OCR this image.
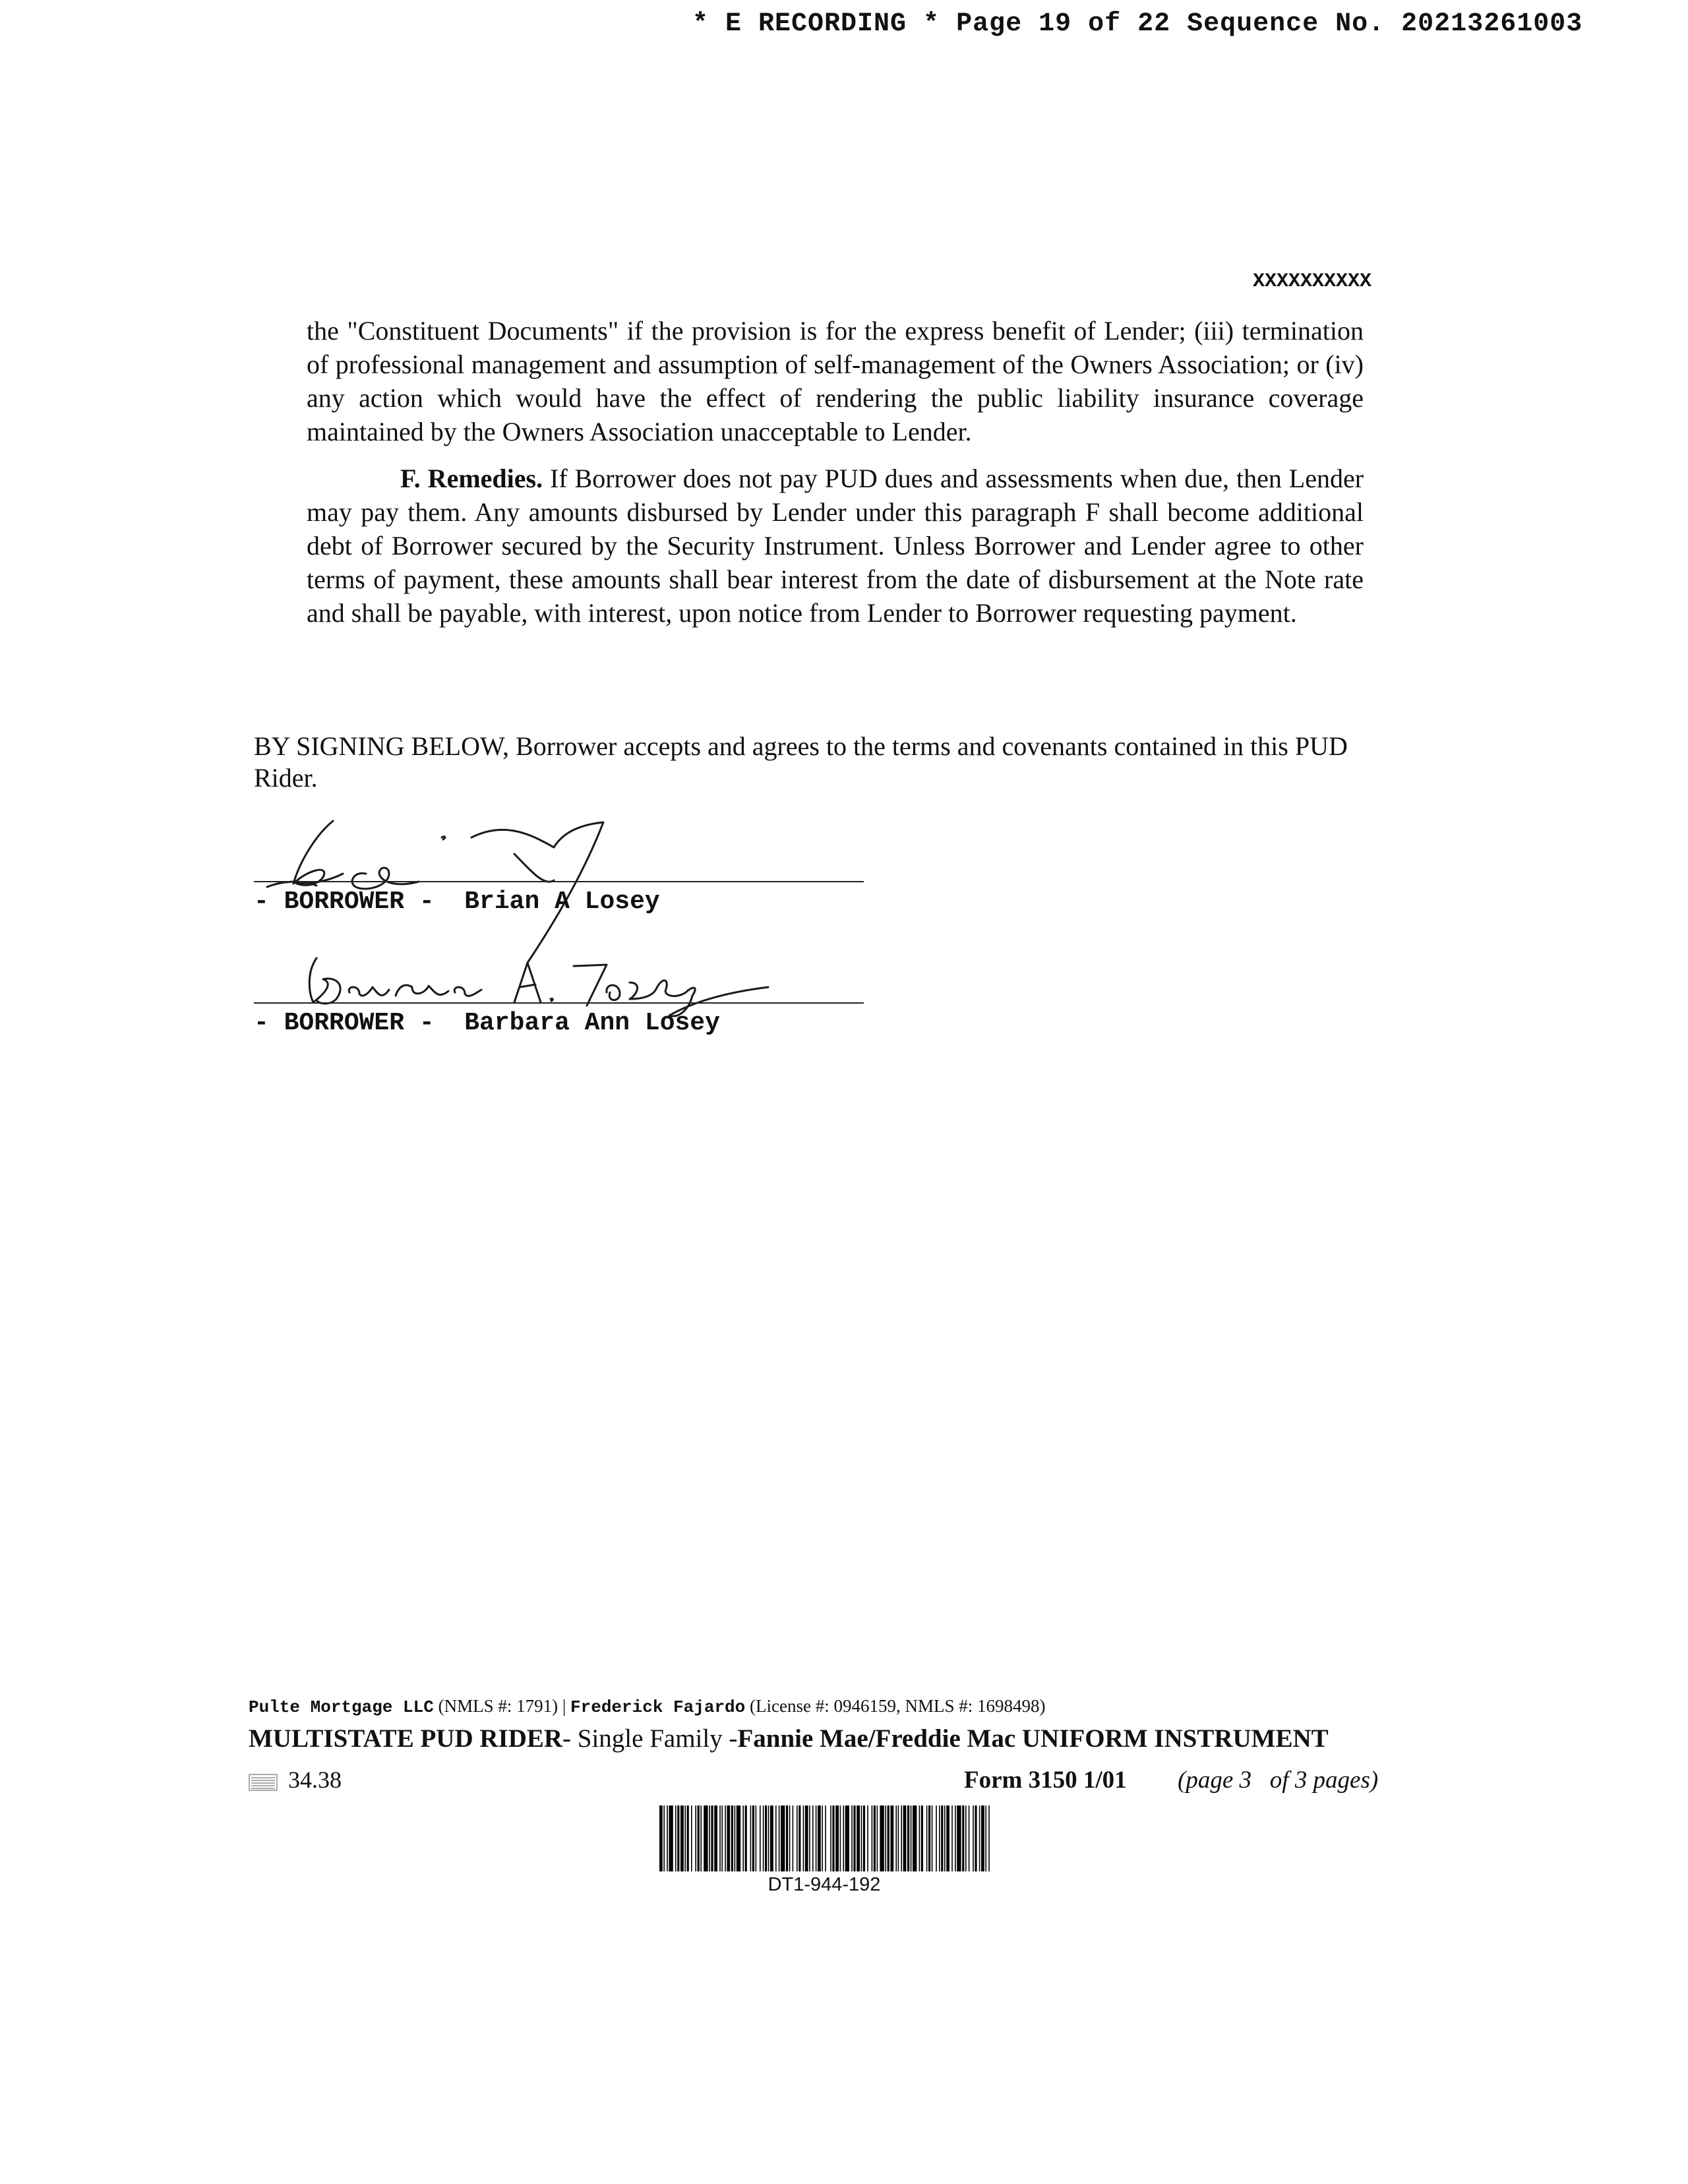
* E RECORDING * Page 19 of 22 Sequence No. 20213261003
XXXXXXXXXX

the "Constituent Documents" if the provision is for the express benefit of Lender; (iii) termination of professional management and assumption of self-management of the Owners Association; or (iv) any action which would have the effect of rendering the public liability insurance coverage maintained by the Owners Association unacceptable to Lender.

F. Remedies. If Borrower does not pay PUD dues and assessments when due, then Lender may pay them. Any amounts disbursed by Lender under this paragraph F shall become additional debt of Borrower secured by the Security Instrument. Unless Borrower and Lender agree to other terms of payment, these amounts shall bear interest from the date of disbursement at the Note rate and shall be payable, with interest, upon notice from Lender to Borrower requesting payment.

BY SIGNING BELOW, Borrower accepts and agrees to the terms and covenants contained in this PUD Rider.
- BORROWER -  Brian A Losey
- BORROWER -  Barbara Ann Losey
Pulte Mortgage LLC (NMLS #: 1791) | Frederick Fajardo (License #: 0946159, NMLS #: 1698498)
MULTISTATE PUD RIDER- Single Family -Fannie Mae/Freddie Mac UNIFORM INSTRUMENT
34.38	Form 3150 1/01 (page 3   of 3 pages)
DT1-944-192
